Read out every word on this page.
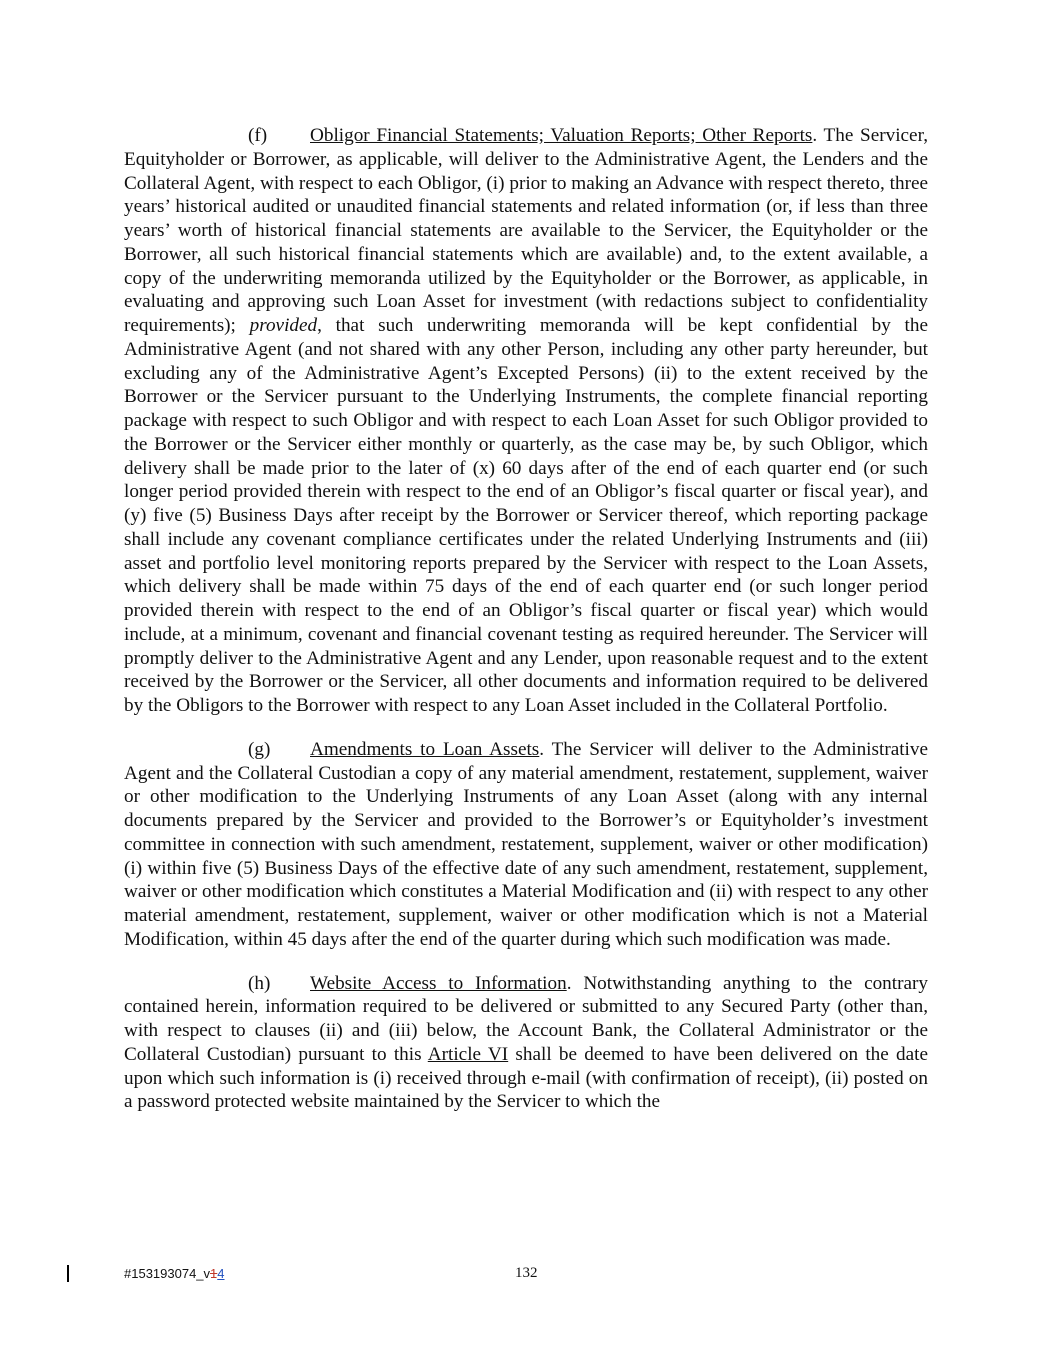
(f) Obligor Financial Statements; Valuation Reports; Other Reports. The Servicer, Equityholder or Borrower, as applicable, will deliver to the Administrative Agent, the Lenders and the Collateral Agent, with respect to each Obligor, (i) prior to making an Advance with respect thereto, three years’ historical audited or unaudited financial statements and related information (or, if less than three years’ worth of historical financial statements are available to the Servicer, the Equityholder or the Borrower, all such historical financial statements which are available) and, to the extent available, a copy of the underwriting memoranda utilized by the Equityholder or the Borrower, as applicable, in evaluating and approving such Loan Asset for investment (with redactions subject to confidentiality requirements); provided, that such underwriting memoranda will be kept confidential by the Administrative Agent (and not shared with any other Person, including any other party hereunder, but excluding any of the Administrative Agent’s Excepted Persons) (ii) to the extent received by the Borrower or the Servicer pursuant to the Underlying Instruments, the complete financial reporting package with respect to such Obligor and with respect to each Loan Asset for such Obligor provided to the Borrower or the Servicer either monthly or quarterly, as the case may be, by such Obligor, which delivery shall be made prior to the later of (x) 60 days after of the end of each quarter end (or such longer period provided therein with respect to the end of an Obligor’s fiscal quarter or fiscal year), and (y) five (5) Business Days after receipt by the Borrower or Servicer thereof, which reporting package shall include any covenant compliance certificates under the related Underlying Instruments and (iii) asset and portfolio level monitoring reports prepared by the Servicer with respect to the Loan Assets, which delivery shall be made within 75 days of the end of each quarter end (or such longer period provided therein with respect to the end of an Obligor’s fiscal quarter or fiscal year) which would include, at a minimum, covenant and financial covenant testing as required hereunder. The Servicer will promptly deliver to the Administrative Agent and any Lender, upon reasonable request and to the extent received by the Borrower or the Servicer, all other documents and information required to be delivered by the Obligors to the Borrower with respect to any Loan Asset included in the Collateral Portfolio.

(g) Amendments to Loan Assets. The Servicer will deliver to the Administrative Agent and the Collateral Custodian a copy of any material amendment, restatement, supplement, waiver or other modification to the Underlying Instruments of any Loan Asset (along with any internal documents prepared by the Servicer and provided to the Borrower’s or Equityholder’s investment committee in connection with such amendment, restatement, supplement, waiver or other modification) (i) within five (5) Business Days of the effective date of any such amendment, restatement, supplement, waiver or other modification which constitutes a Material Modification and (ii) with respect to any other material amendment, restatement, supplement, waiver or other modification which is not a Material Modification, within 45 days after the end of the quarter during which such modification was made.

(h) Website Access to Information. Notwithstanding anything to the contrary contained herein, information required to be delivered or submitted to any Secured Party (other than, with respect to clauses (ii) and (iii) below, the Account Bank, the Collateral Administrator or the Collateral Custodian) pursuant to this Article VI shall be deemed to have been delivered on the date upon which such information is (i) received through e-mail (with confirmation of receipt), (ii) posted on a password protected website maintained by the Servicer to which the

#153193074_v14	132
